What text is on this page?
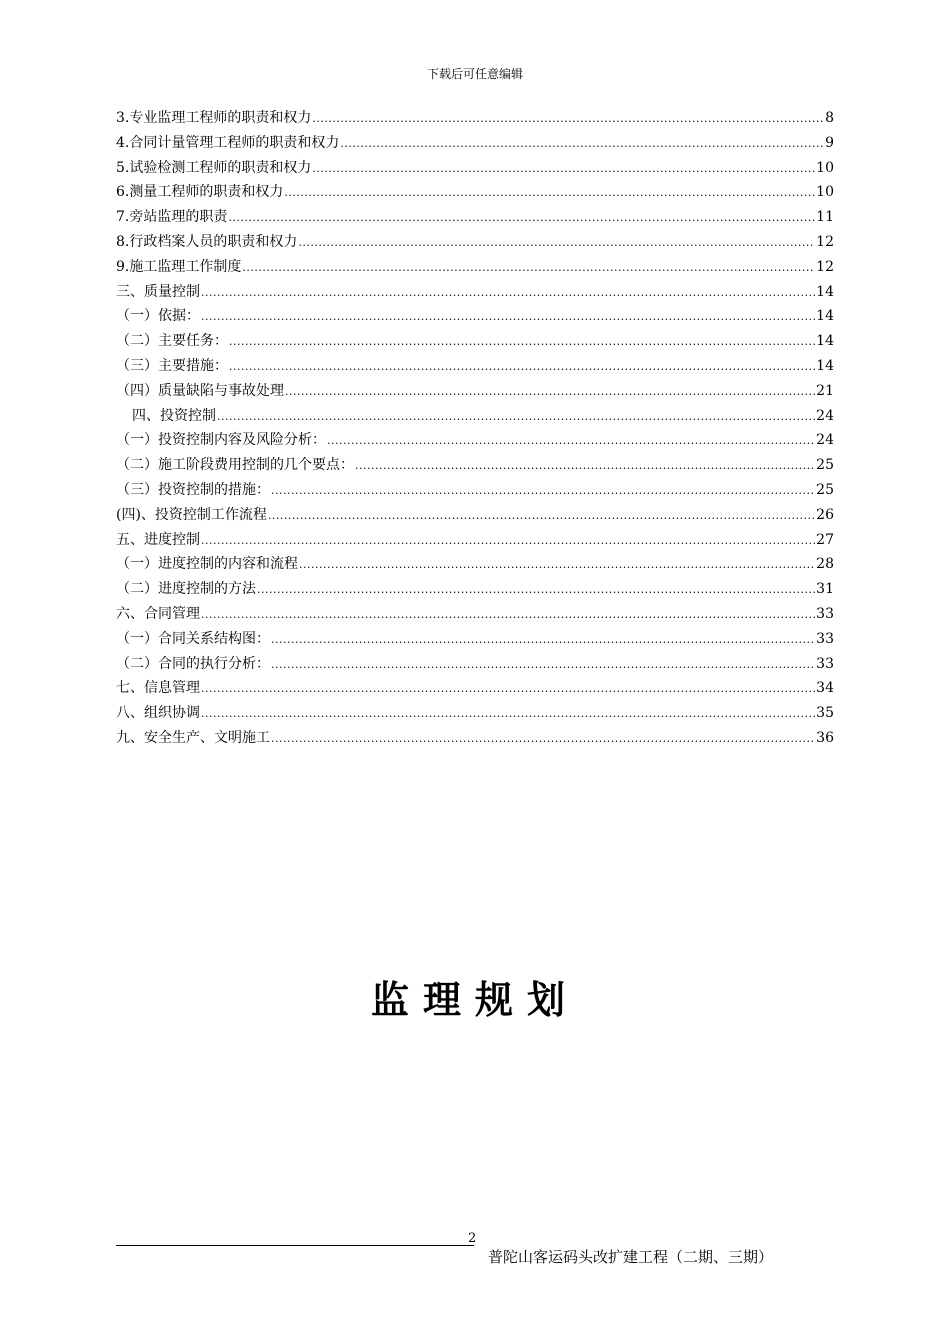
下载后可任意编辑
3.专业监理工程师的职责和权力 .....	8
4.合同计量管理工程师的职责和权力 .....	9
5.试验检测工程师的职责和权力 .....	10
6.测量工程师的职责和权力 .....	10
7.旁站监理的职责 .....	11
8.行政档案人员的职责和权力 .....	12
9.施工监理工作制度 .....	12
三、质量控制 .....	14
（一）依据： .....	14
（二）主要任务： .....	14
（三）主要措施： .....	14
（四）质量缺陷与事故处理 .....	21
四、投资控制 .....	24
（一）投资控制内容及风险分析： .....	24
（二）施工阶段费用控制的几个要点： .....	25
（三）投资控制的措施： .....	25
(四)、投资控制工作流程 .....	26
五、进度控制 .....	27
（一）进度控制的内容和流程 .....	28
（二）进度控制的方法 .....	31
六、合同管理 .....	33
（一）合同关系结构图： .....	33
（二）合同的执行分析： .....	33
七、信息管理 .....	34
八、组织协调 .....	35
九、安全生产、文明施工 .....	36
监理规划
2
普陀山客运码头改扩建工程（二期、三期）
